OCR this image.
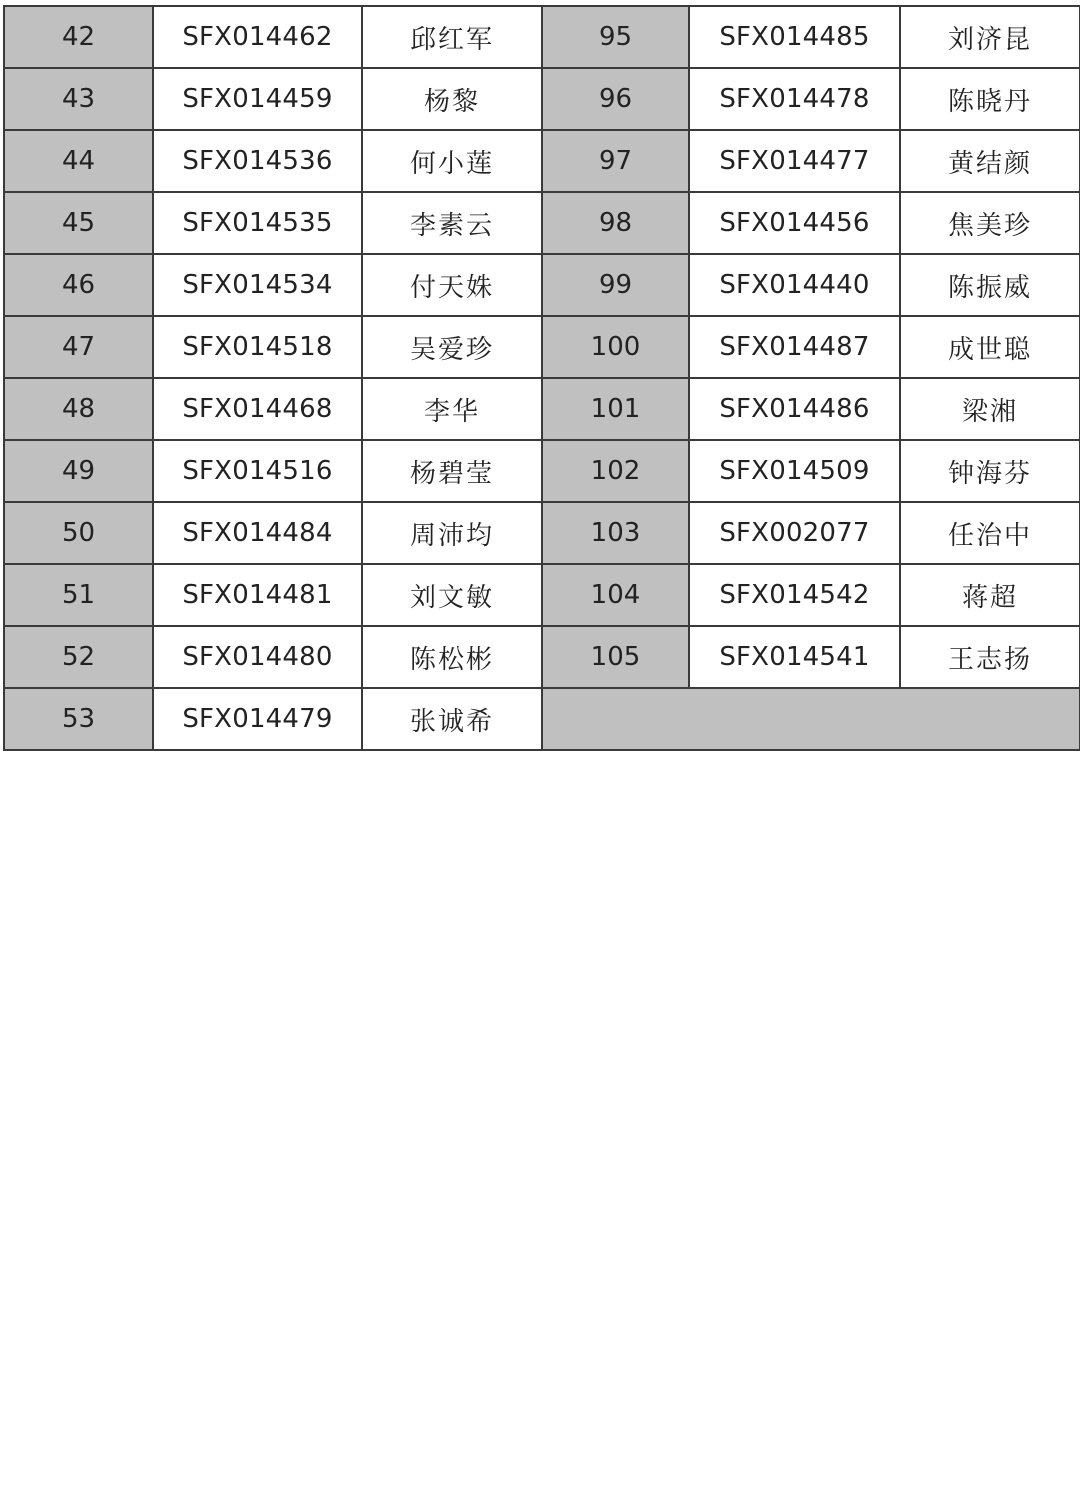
42	SFX014462	邱红军	95	SFX014485	刘济昆
43	SFX014459	杨黎	96	SFX014478	陈晓丹
44	SFX014536	何小莲	97	SFX014477	黄结颜
45	SFX014535	李素云	98	SFX014456	焦美珍
46	SFX014534	付天姝	99	SFX014440	陈振威
47	SFX014518	吴爱珍	100	SFX014487	成世聪
48	SFX014468	李华	101	SFX014486	梁湘
49	SFX014516	杨碧莹	102	SFX014509	钟海芬
50	SFX014484	周沛均	103	SFX002077	任治中
51	SFX014481	刘文敏	104	SFX014542	蒋超
52	SFX014480	陈松彬	105	SFX014541	王志扬
53	SFX014479	张诚希			
